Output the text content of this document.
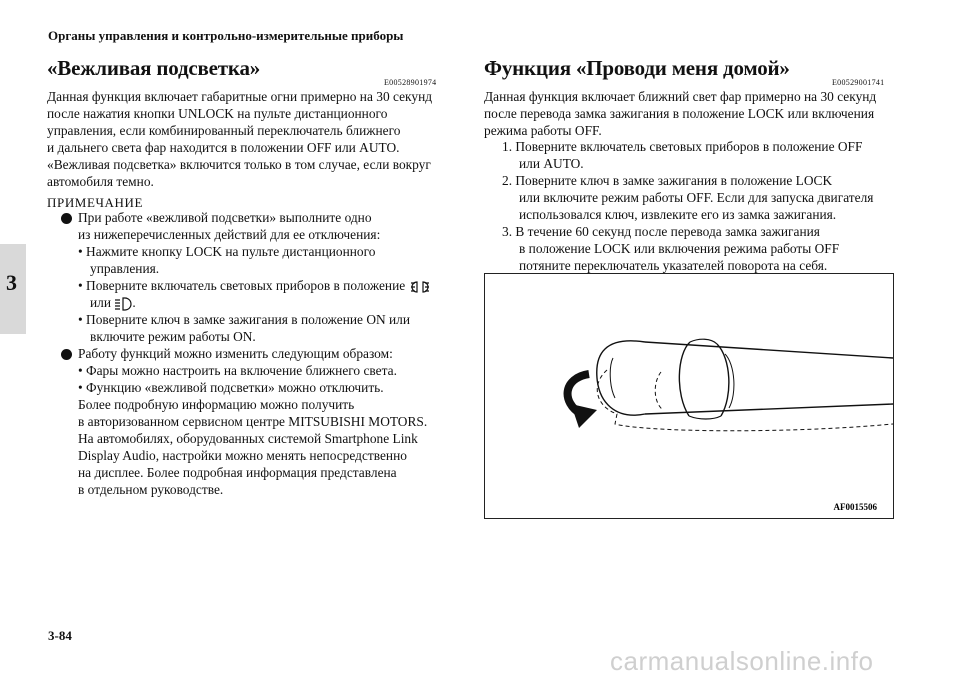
Органы управления и контрольно-измерительные приборы
3
«Вежливая подсветка»
E00528901974
Данная функция включает габаритные огни примерно на 30 секунд
после нажатия кнопки UNLOCK на пульте дистанционного
управления, если комбинированный переключатель ближнего
и дальнего света фар находится в положении OFF или AUTO.
«Вежливая подсветка» включится только в том случае, если вокруг
автомобиля темно.
ПРИМЕЧАНИЕ
При работе «вежливой подсветки» выполните одно
из нижеперечисленных действий для ее отключения:
• Нажмите кнопку LOCK на пульте дистанционного
управления.
• Поверните включатель световых приборов в положение
или .
• Поверните ключ в замке зажигания в положение ON или
включите режим работы ON.
Работу функций можно изменить следующим образом:
• Фары можно настроить на включение ближнего света.
• Функцию «вежливой подсветки» можно отключить.
Более подробную информацию можно получить
в авторизованном сервисном центре MITSUBISHI MOTORS.
На автомобилях, оборудованных системой Smartphone Link
Display Audio, настройки можно менять непосредственно
на дисплее. Более подробная информация представлена
в отдельном руководстве.
Функция «Проводи меня домой»
E00529001741
Данная функция включает ближний свет фар примерно на 30 секунд
после перевода замка зажигания в положение LOCK или включения
режима работы OFF.
1. Поверните включатель световых приборов в положение OFF
или AUTO.
2. Поверните ключ в замке зажигания в положение LOCK
или включите режим работы OFF. Если для запуска двигателя
использовался ключ, извлеките его из замка зажигания.
3. В течение 60 секунд после перевода замка зажигания
в положение LOCK или включения режима работы OFF
потяните переключатель указателей поворота на себя.
AF0015506
3-84
carmanualsonline.info
